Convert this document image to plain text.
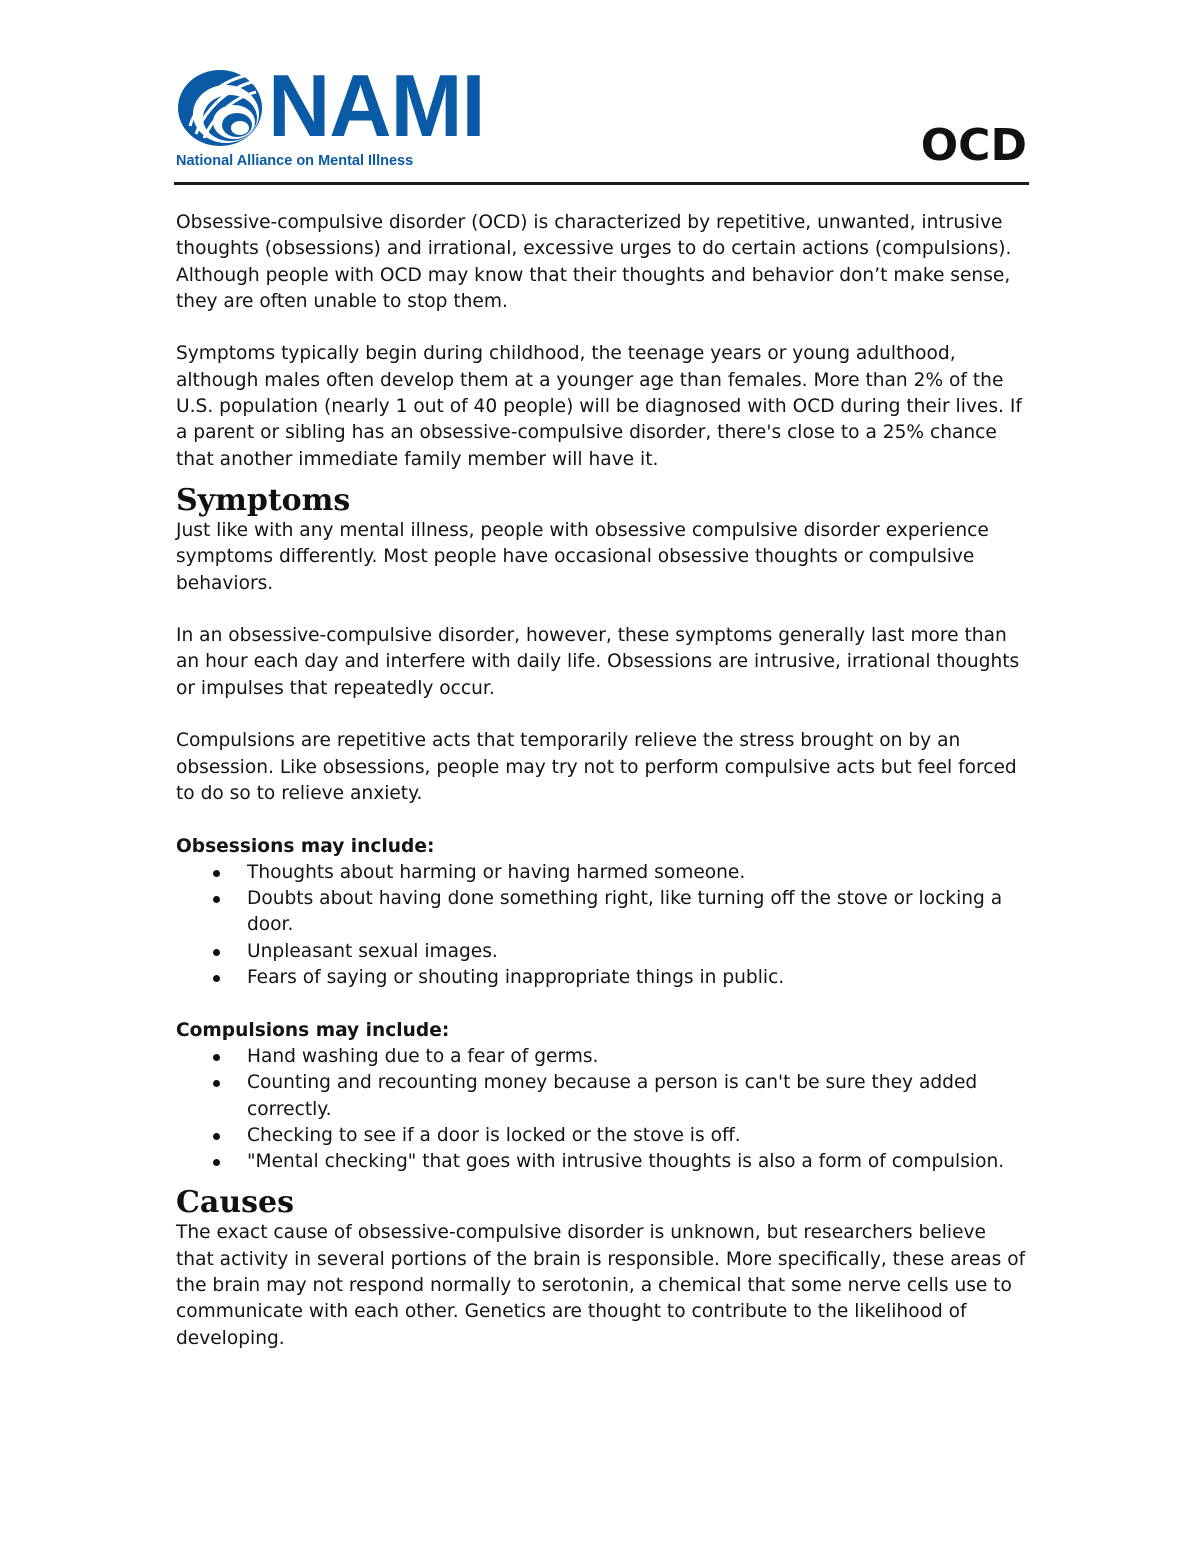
NAMI
National Alliance on Mental Illness	OCD

Obsessive-compulsive disorder (OCD) is characterized by repetitive, unwanted, intrusive thoughts (obsessions) and irrational, excessive urges to do certain actions (compulsions). Although people with OCD may know that their thoughts and behavior don’t make sense, they are often unable to stop them.

Symptoms typically begin during childhood, the teenage years or young adulthood, although males often develop them at a younger age than females. More than 2% of the U.S. population (nearly 1 out of 40 people) will be diagnosed with OCD during their lives. If a parent or sibling has an obsessive-compulsive disorder, there's close to a 25% chance that another immediate family member will have it.

Symptoms

Just like with any mental illness, people with obsessive compulsive disorder experience symptoms differently. Most people have occasional obsessive thoughts or compulsive behaviors.

In an obsessive-compulsive disorder, however, these symptoms generally last more than an hour each day and interfere with daily life. Obsessions are intrusive, irrational thoughts or impulses that repeatedly occur.

Compulsions are repetitive acts that temporarily relieve the stress brought on by an obsession. Like obsessions, people may try not to perform compulsive acts but feel forced to do so to relieve anxiety.

Obsessions may include:

Thoughts about harming or having harmed someone.
Doubts about having done something right, like turning off the stove or locking a door.
Unpleasant sexual images.
Fears of saying or shouting inappropriate things in public.

Compulsions may include:

Hand washing due to a fear of germs.
Counting and recounting money because a person is can't be sure they added correctly.
Checking to see if a door is locked or the stove is off.
"Mental checking" that goes with intrusive thoughts is also a form of compulsion.
Causes

The exact cause of obsessive-compulsive disorder is unknown, but researchers believe that activity in several portions of the brain is responsible. More specifically, these areas of the brain may not respond normally to serotonin, a chemical that some nerve cells use to communicate with each other. Genetics are thought to contribute to the likelihood of developing.
